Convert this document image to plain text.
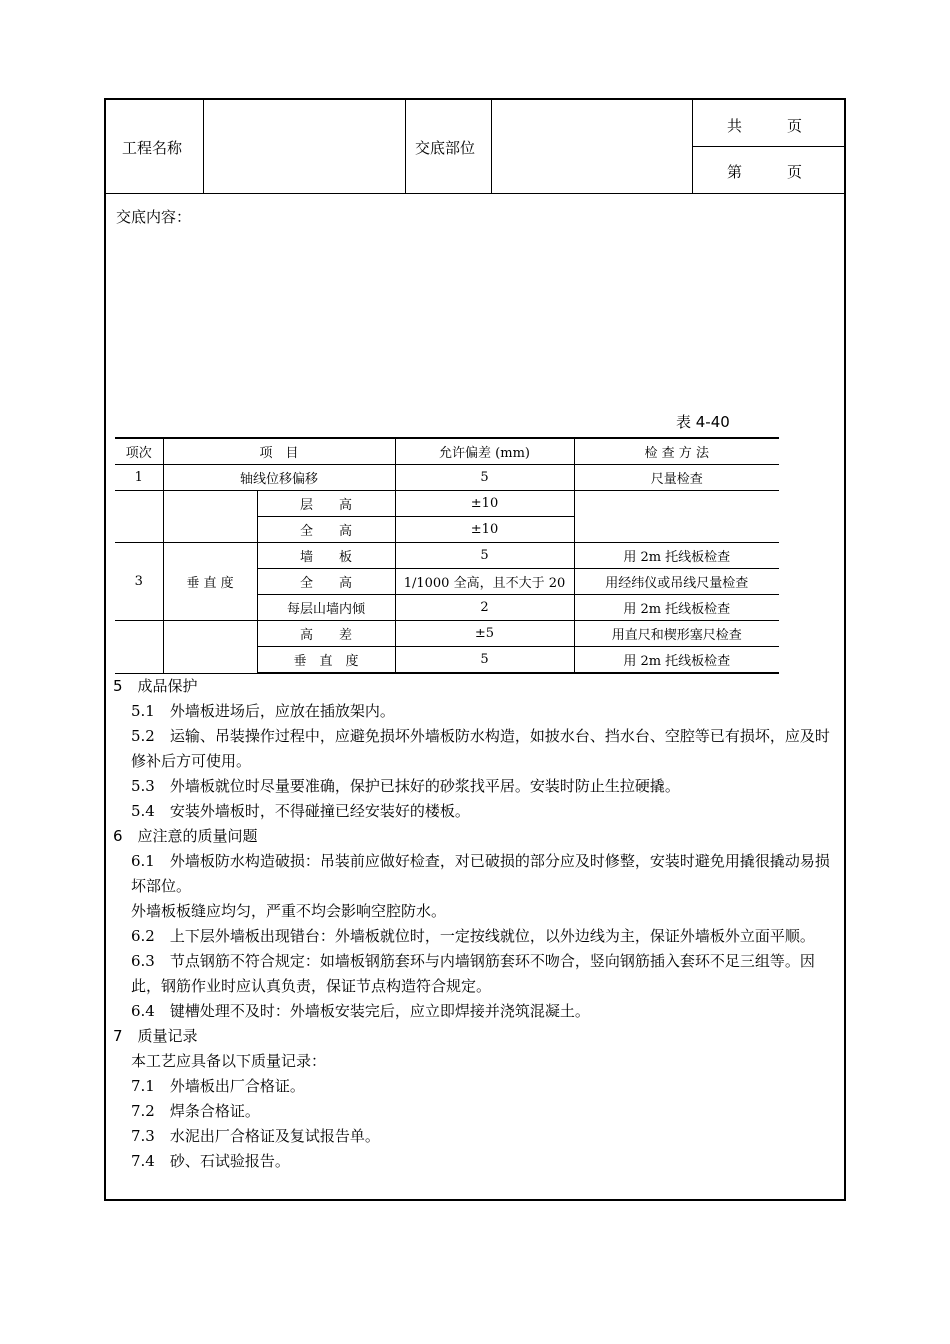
工程名称	交底部位
共　　　页
第　　　页
交底内容：
表 4-40
项次	项　目		允许偏差 (mm)	检 查 方 法
1	轴线位移偏移		5	尺量检查
		层　　高	±10	
		全　　高	±10	
3	垂 直 度	墙　　板	5	用 2m 托线板检查
		全　　高	1/1000 全高，且不大于 20	用经纬仪或吊线尺量检查
		每层山墙内倾	2	用 2m 托线板检查
		高　　差	±5	用直尺和楔形塞尺检查
		垂　直　度	5	用 2m 托线板检查

5　成品保护

5.1　外墙板进场后，应放在插放架内。

5.2　运输、吊装操作过程中，应避免损坏外墙板防水构造，如披水台、挡水台、空腔等已有损坏，应及时修补后方可使用。

5.3　外墙板就位时尽量要准确，保护已抹好的砂浆找平居。安装时防止生拉硬撬。

5.4　安装外墙板时，不得碰撞已经安装好的楼板。

6　应注意的质量问题

6.1　外墙板防水构造破损：吊装前应做好检查，对已破损的部分应及时修整，安装时避免用撬很撬动易损坏部位。

外墙板板缝应均匀，严重不均会影响空腔防水。

6.2　上下层外墙板出现错台：外墙板就位时，一定按线就位，以外边线为主，保证外墙板外立面平顺。

6.3　节点钢筋不符合规定：如墙板钢筋套环与内墙钢筋套环不吻合，竖向钢筋插入套环不足三组等。因此，钢筋作业时应认真负责，保证节点构造符合规定。

6.4　键槽处理不及时：外墙板安装完后，应立即焊接并浇筑混凝土。

7　质量记录

本工艺应具备以下质量记录：

7.1　外墙板出厂合格证。

7.2　焊条合格证。

7.3　水泥出厂合格证及复试报告单。

7.4　砂、石试验报告。
